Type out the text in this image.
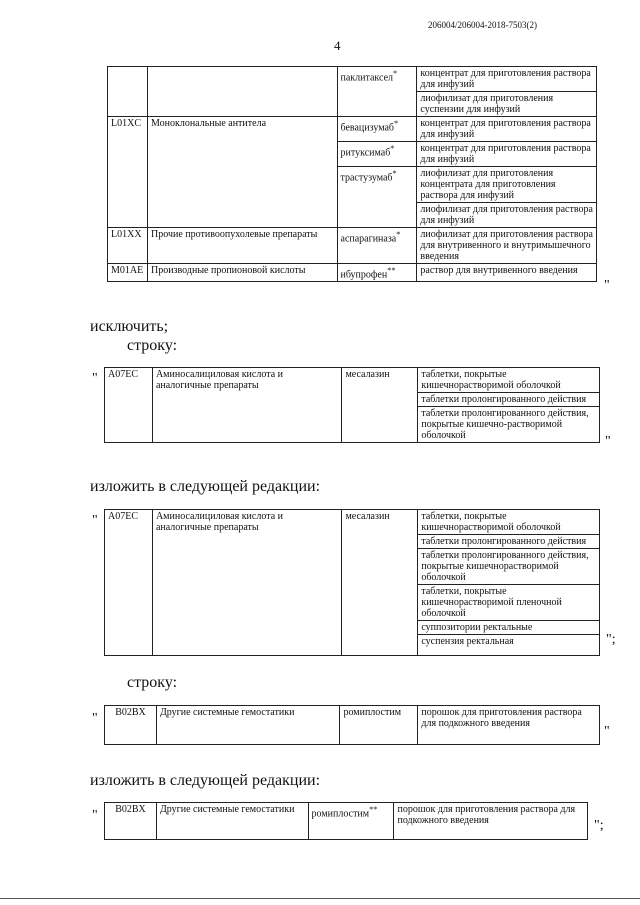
206004/206004-2018-7503(2)
4
		паклитаксел*	концентрат для приготовления раствора для инфузий
			лиофилизат для приготовления суспензии для инфузий
L01XC	Моноклональные антитела	бевацизумаб*	концентрат для приготовления раствора для инфузий
		ритуксимаб*	концентрат для приготовления раствора для инфузий
		трастузумаб*	лиофилизат для приготовления концентрата для приготовления раствора для инфузий
			лиофилизат для приготовления раствора для инфузий
L01XX	Прочие противоопухолевые препараты	аспарагиназа*	лиофилизат для приготовления раствора для внутривенного и внутримышечного введения
M01AE	Производные пропионовой кислоты	ибупрофен**	раствор для внутривенного введения
"
исключить;
строку:
" A07EC	Аминосалициловая кислота и аналогичные препараты	месалазин	таблетки, покрытые кишечнорастворимой оболочкой
таблетки пролонгированного действия
таблетки пролонгированного действия, покрытые кишечно-растворимой оболочкой	"
изложить в следующей редакции:
" A07EC	Аминосалициловая кислота и аналогичные препараты	месалазин	таблетки, покрытые кишечнорастворимой оболочкой
таблетки пролонгированного действия
таблетки пролонгированного действия, покрытые кишечнорастворимой оболочкой
таблетки, покрытые кишечнорастворимой пленочной оболочкой
суппозитории ректальные
суспензия ректальная	";
строку:
" B02BX	Другие системные гемостатики	ромиплостим	порошок для приготовления раствора для подкожного введения
"
изложить в следующей редакции:
" B02BX	Другие системные гемостатики	ромиплостим**	порошок для приготовления раствора для подкожного введения	";
